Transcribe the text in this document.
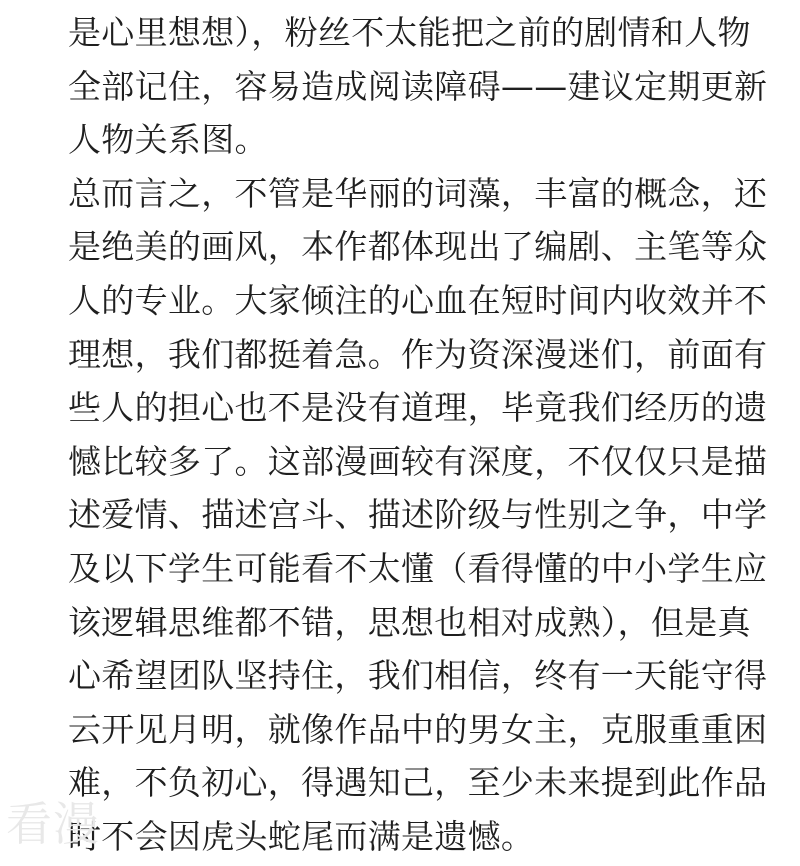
是心里想想），粉丝不太能把之前的剧情和人物
全部记住，容易造成阅读障碍——建议定期更新
人物关系图。
总而言之，不管是华丽的词藻，丰富的概念，还
是绝美的画风，本作都体现出了编剧、主笔等众
人的专业。大家倾注的心血在短时间内收效并不
理想，我们都挺着急。作为资深漫迷们，前面有
些人的担心也不是没有道理，毕竟我们经历的遗
憾比较多了。这部漫画较有深度，不仅仅只是描
述爱情、描述宫斗、描述阶级与性别之争，中学
及以下学生可能看不太懂（看得懂的中小学生应
该逻辑思维都不错，思想也相对成熟），但是真
心希望团队坚持住，我们相信，终有一天能守得
云开见月明，就像作品中的男女主，克服重重困
难，不负初心，得遇知己，至少未来提到此作品
时不会因虎头蛇尾而满是遗憾。
看漫
